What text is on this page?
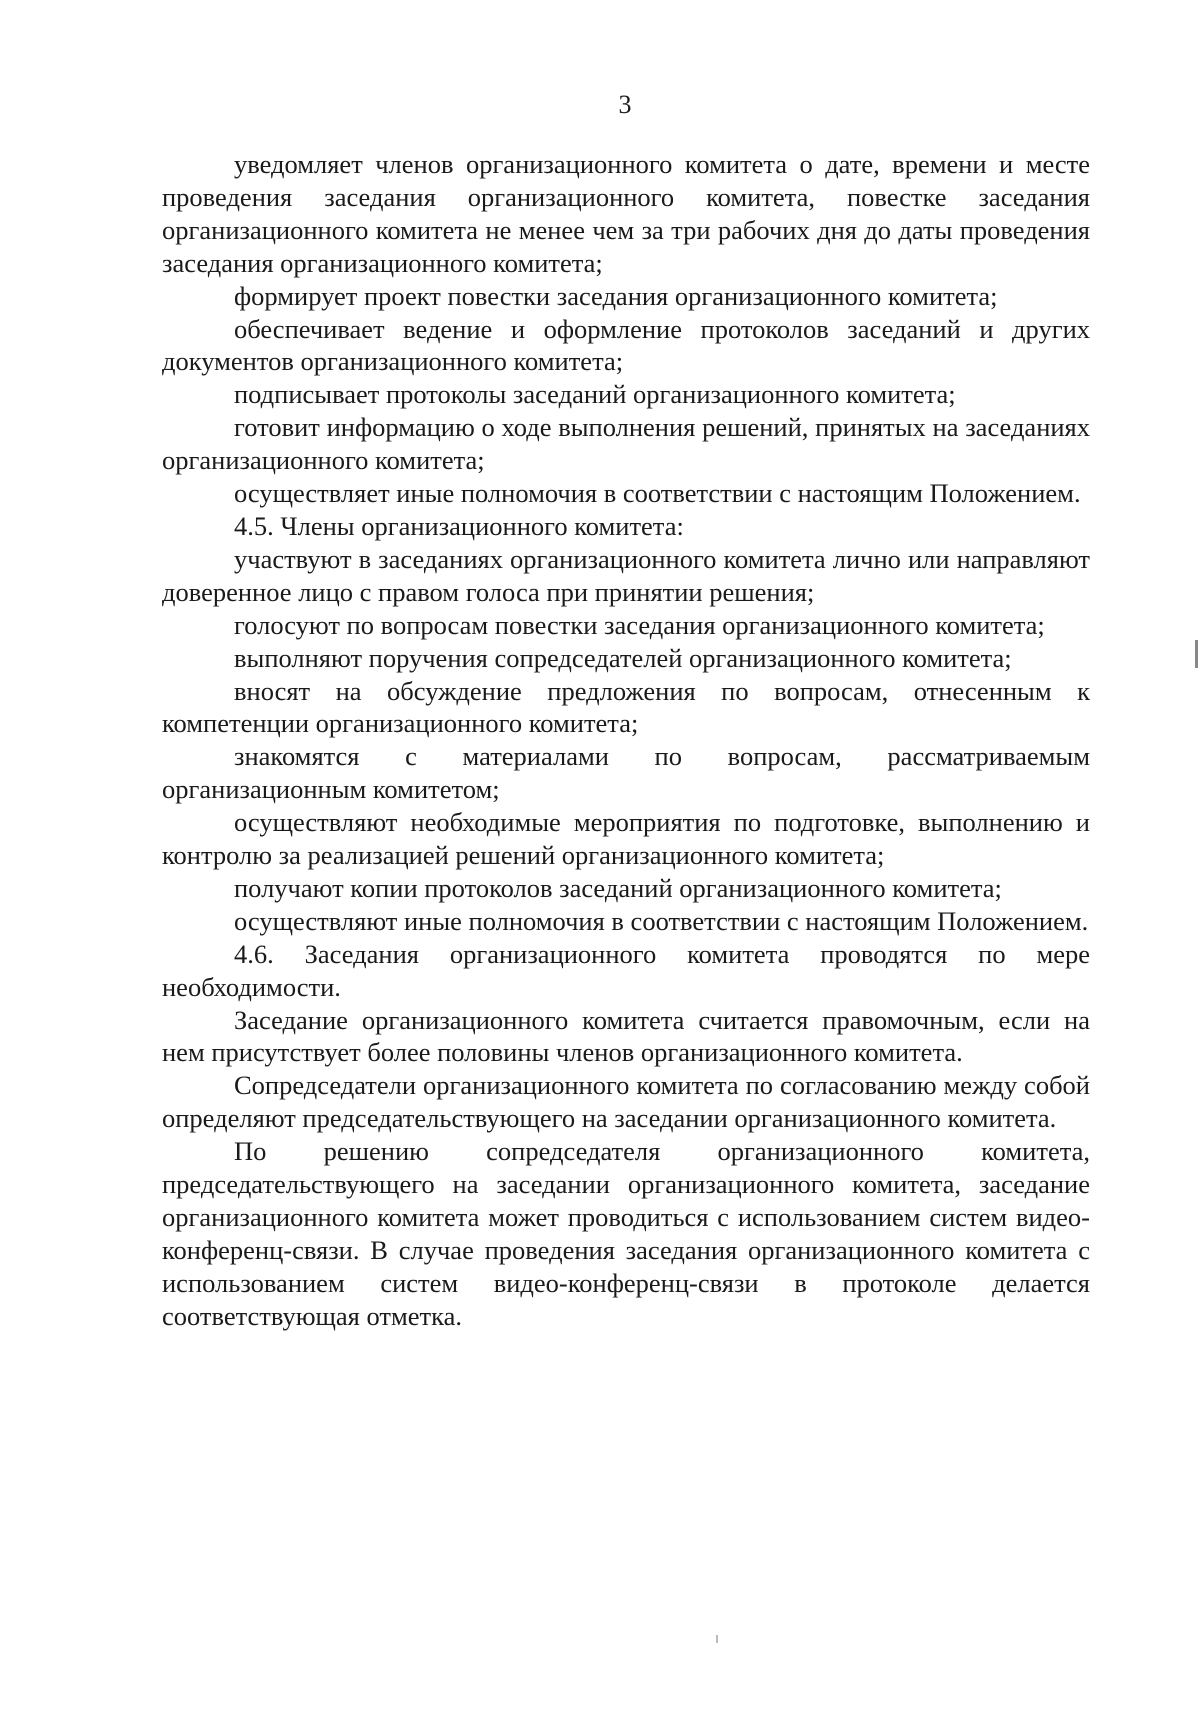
3

уведомляет членов организационного комитета о дате, времени и месте проведения заседания организационного комитета, повестке заседания организационного комитета не менее чем за три рабочих дня до даты проведения заседания организационного комитета;

формирует проект повестки заседания организационного комитета;

обеспечивает ведение и оформление протоколов заседаний и других документов организационного комитета;

подписывает протоколы заседаний организационного комитета;

готовит информацию о ходе выполнения решений, принятых на заседаниях организационного комитета;

осуществляет иные полномочия в соответствии с настоящим Положением.

4.5. Члены организационного комитета:

участвуют в заседаниях организационного комитета лично или направляют доверенное лицо с правом голоса при принятии решения;

голосуют по вопросам повестки заседания организационного комитета;

выполняют поручения сопредседателей организационного комитета;

вносят на обсуждение предложения по вопросам, отнесенным к компетенции организационного комитета;

знакомятся с материалами по вопросам, рассматриваемым организационным комитетом;

осуществляют необходимые мероприятия по подготовке, выполнению и контролю за реализацией решений организационного комитета;

получают копии протоколов заседаний организационного комитета;

осуществляют иные полномочия в соответствии с настоящим Положением.

4.6. Заседания организационного комитета проводятся по мере необходимости.

Заседание организационного комитета считается правомочным, если на нем присутствует более половины членов организационного комитета.

Сопредседатели организационного комитета по согласованию между собой определяют председательствующего на заседании организационного комитета.

По решению сопредседателя организационного комитета, председательствующего на заседании организационного комитета, заседание организационного комитета может проводиться с использованием систем видео-конференц-связи. В случае проведения заседания организационного комитета с использованием систем видео-конференц-связи в протоколе делается соответствующая отметка.
